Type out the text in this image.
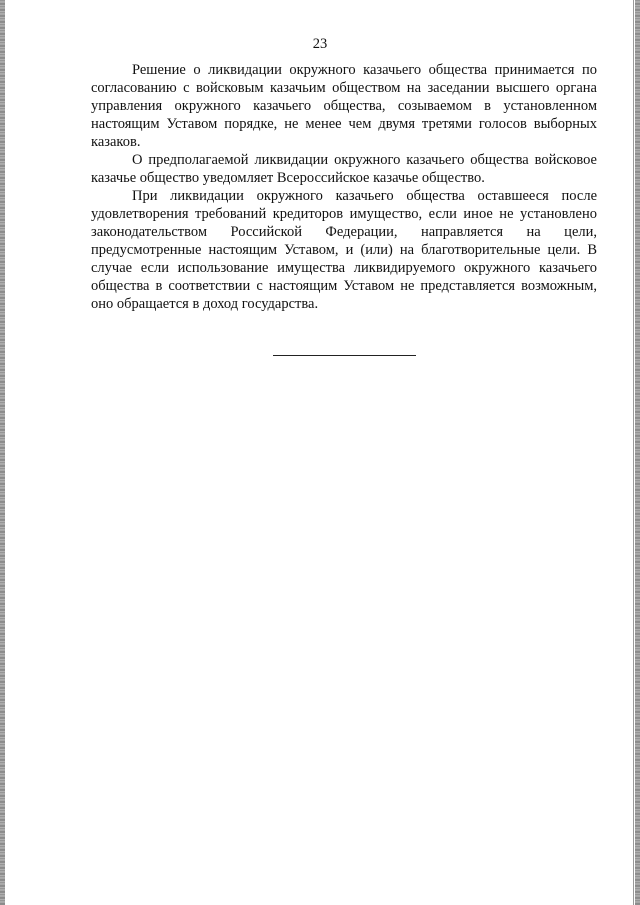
23

Решение о ликвидации окружного казачьего общества принимается по согласованию с войсковым казачьим обществом на заседании высшего органа управления окружного казачьего общества, созываемом в установленном настоящим Уставом порядке, не менее чем двумя третями голосов выборных казаков.

О предполагаемой ликвидации окружного казачьего общества войсковое казачье общество уведомляет Всероссийское казачье общество.

При ликвидации окружного казачьего общества оставшееся после удовлетворения требований кредиторов имущество, если иное не установлено законодательством Российской Федерации, направляется на цели, предусмотренные настоящим Уставом, и (или) на благотворительные цели. В случае если использование имущества ликвидируемого окружного казачьего общества в соответствии с настоящим Уставом не представляется возможным, оно обращается в доход государства.
